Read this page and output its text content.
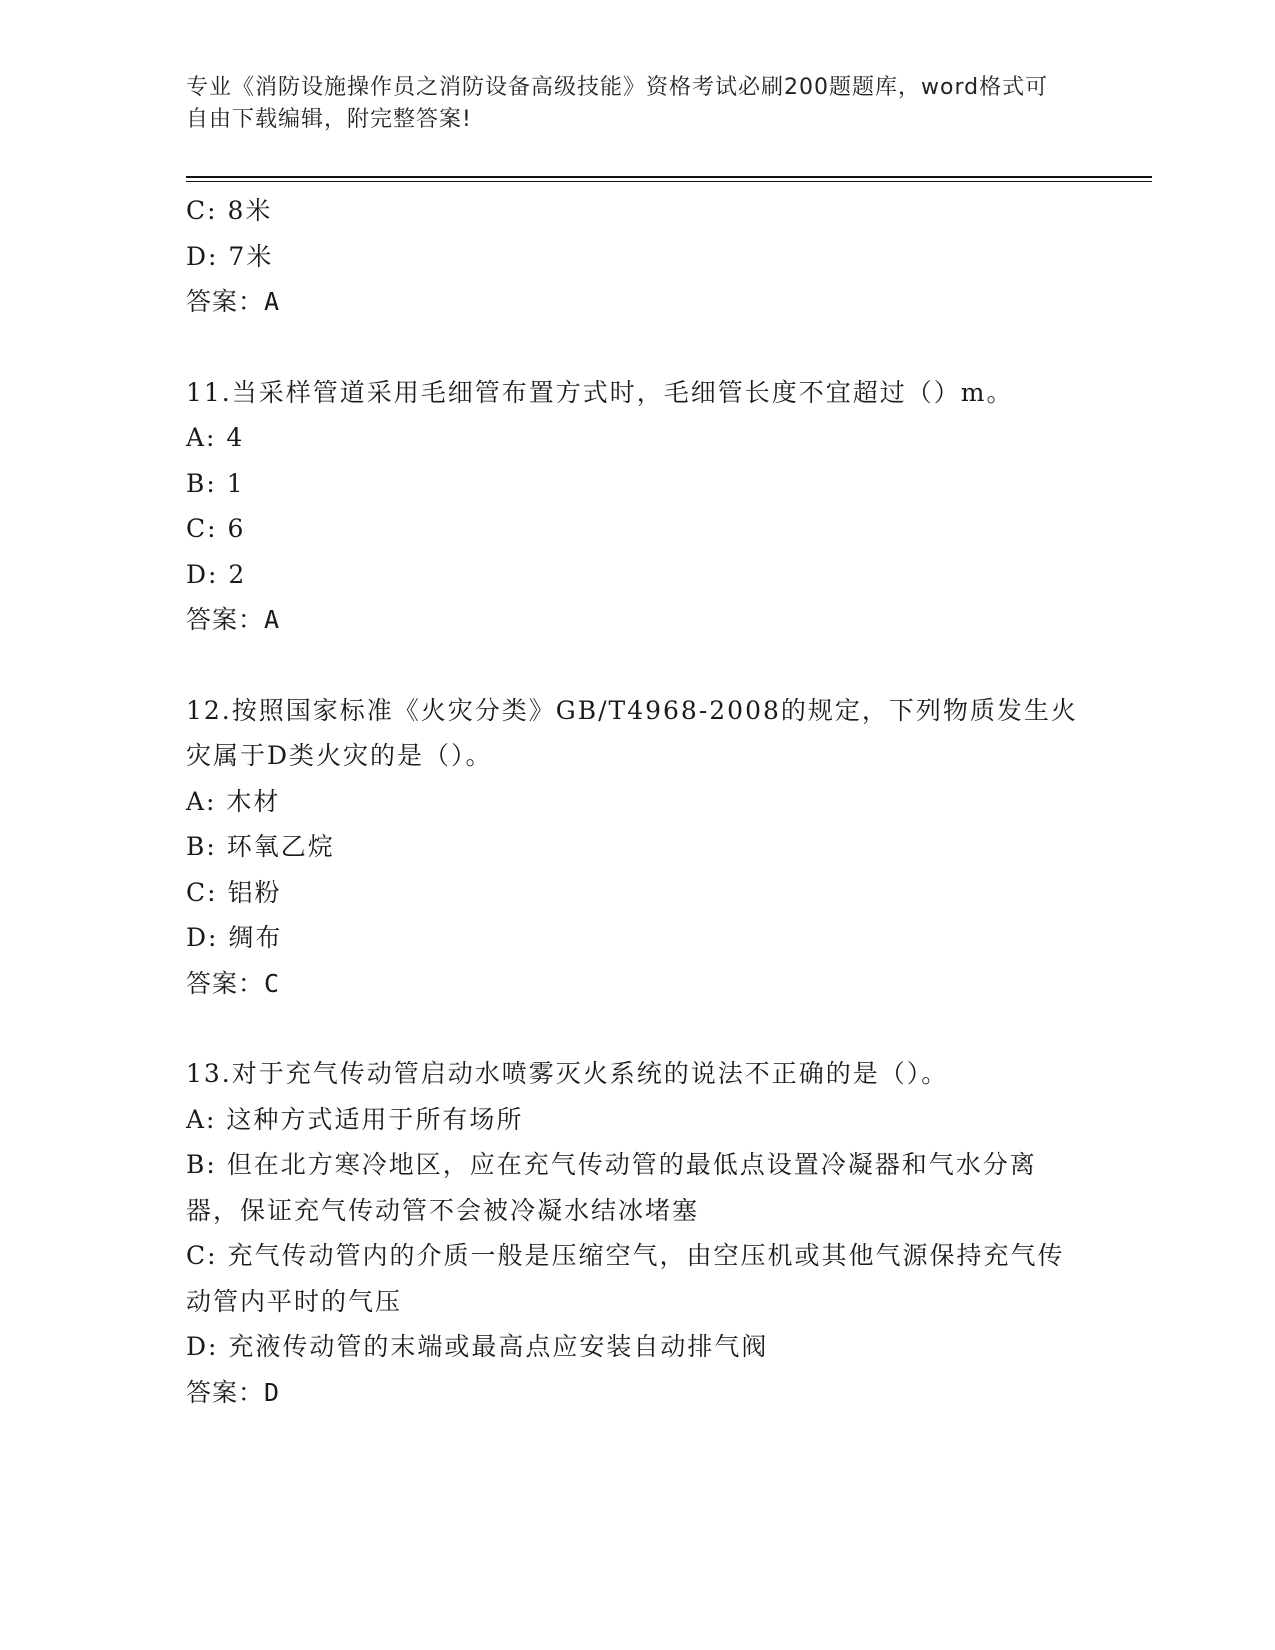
专业《消防设施操作员之消防设备高级技能》资格考试必刷200题题库，word格式可自由下载编辑，附完整答案!
C: 8米
D: 7米
答案：A
11.当采样管道采用毛细管布置方式时，毛细管长度不宜超过（）m。
A: 4
B: 1
C: 6
D: 2
答案：A
12.按照国家标准《火灾分类》GB/T4968-2008的规定，下列物质发生火灾属于D类火灾的是（）。
A: 木材
B: 环氧乙烷
C: 铝粉
D: 绸布
答案：C
13.对于充气传动管启动水喷雾灭火系统的说法不正确的是（）。
A: 这种方式适用于所有场所
B: 但在北方寒冷地区，应在充气传动管的最低点设置冷凝器和气水分离器，保证充气传动管不会被冷凝水结冰堵塞
C: 充气传动管内的介质一般是压缩空气，由空压机或其他气源保持充气传动管内平时的气压
D: 充液传动管的末端或最高点应安装自动排气阀
答案：D
